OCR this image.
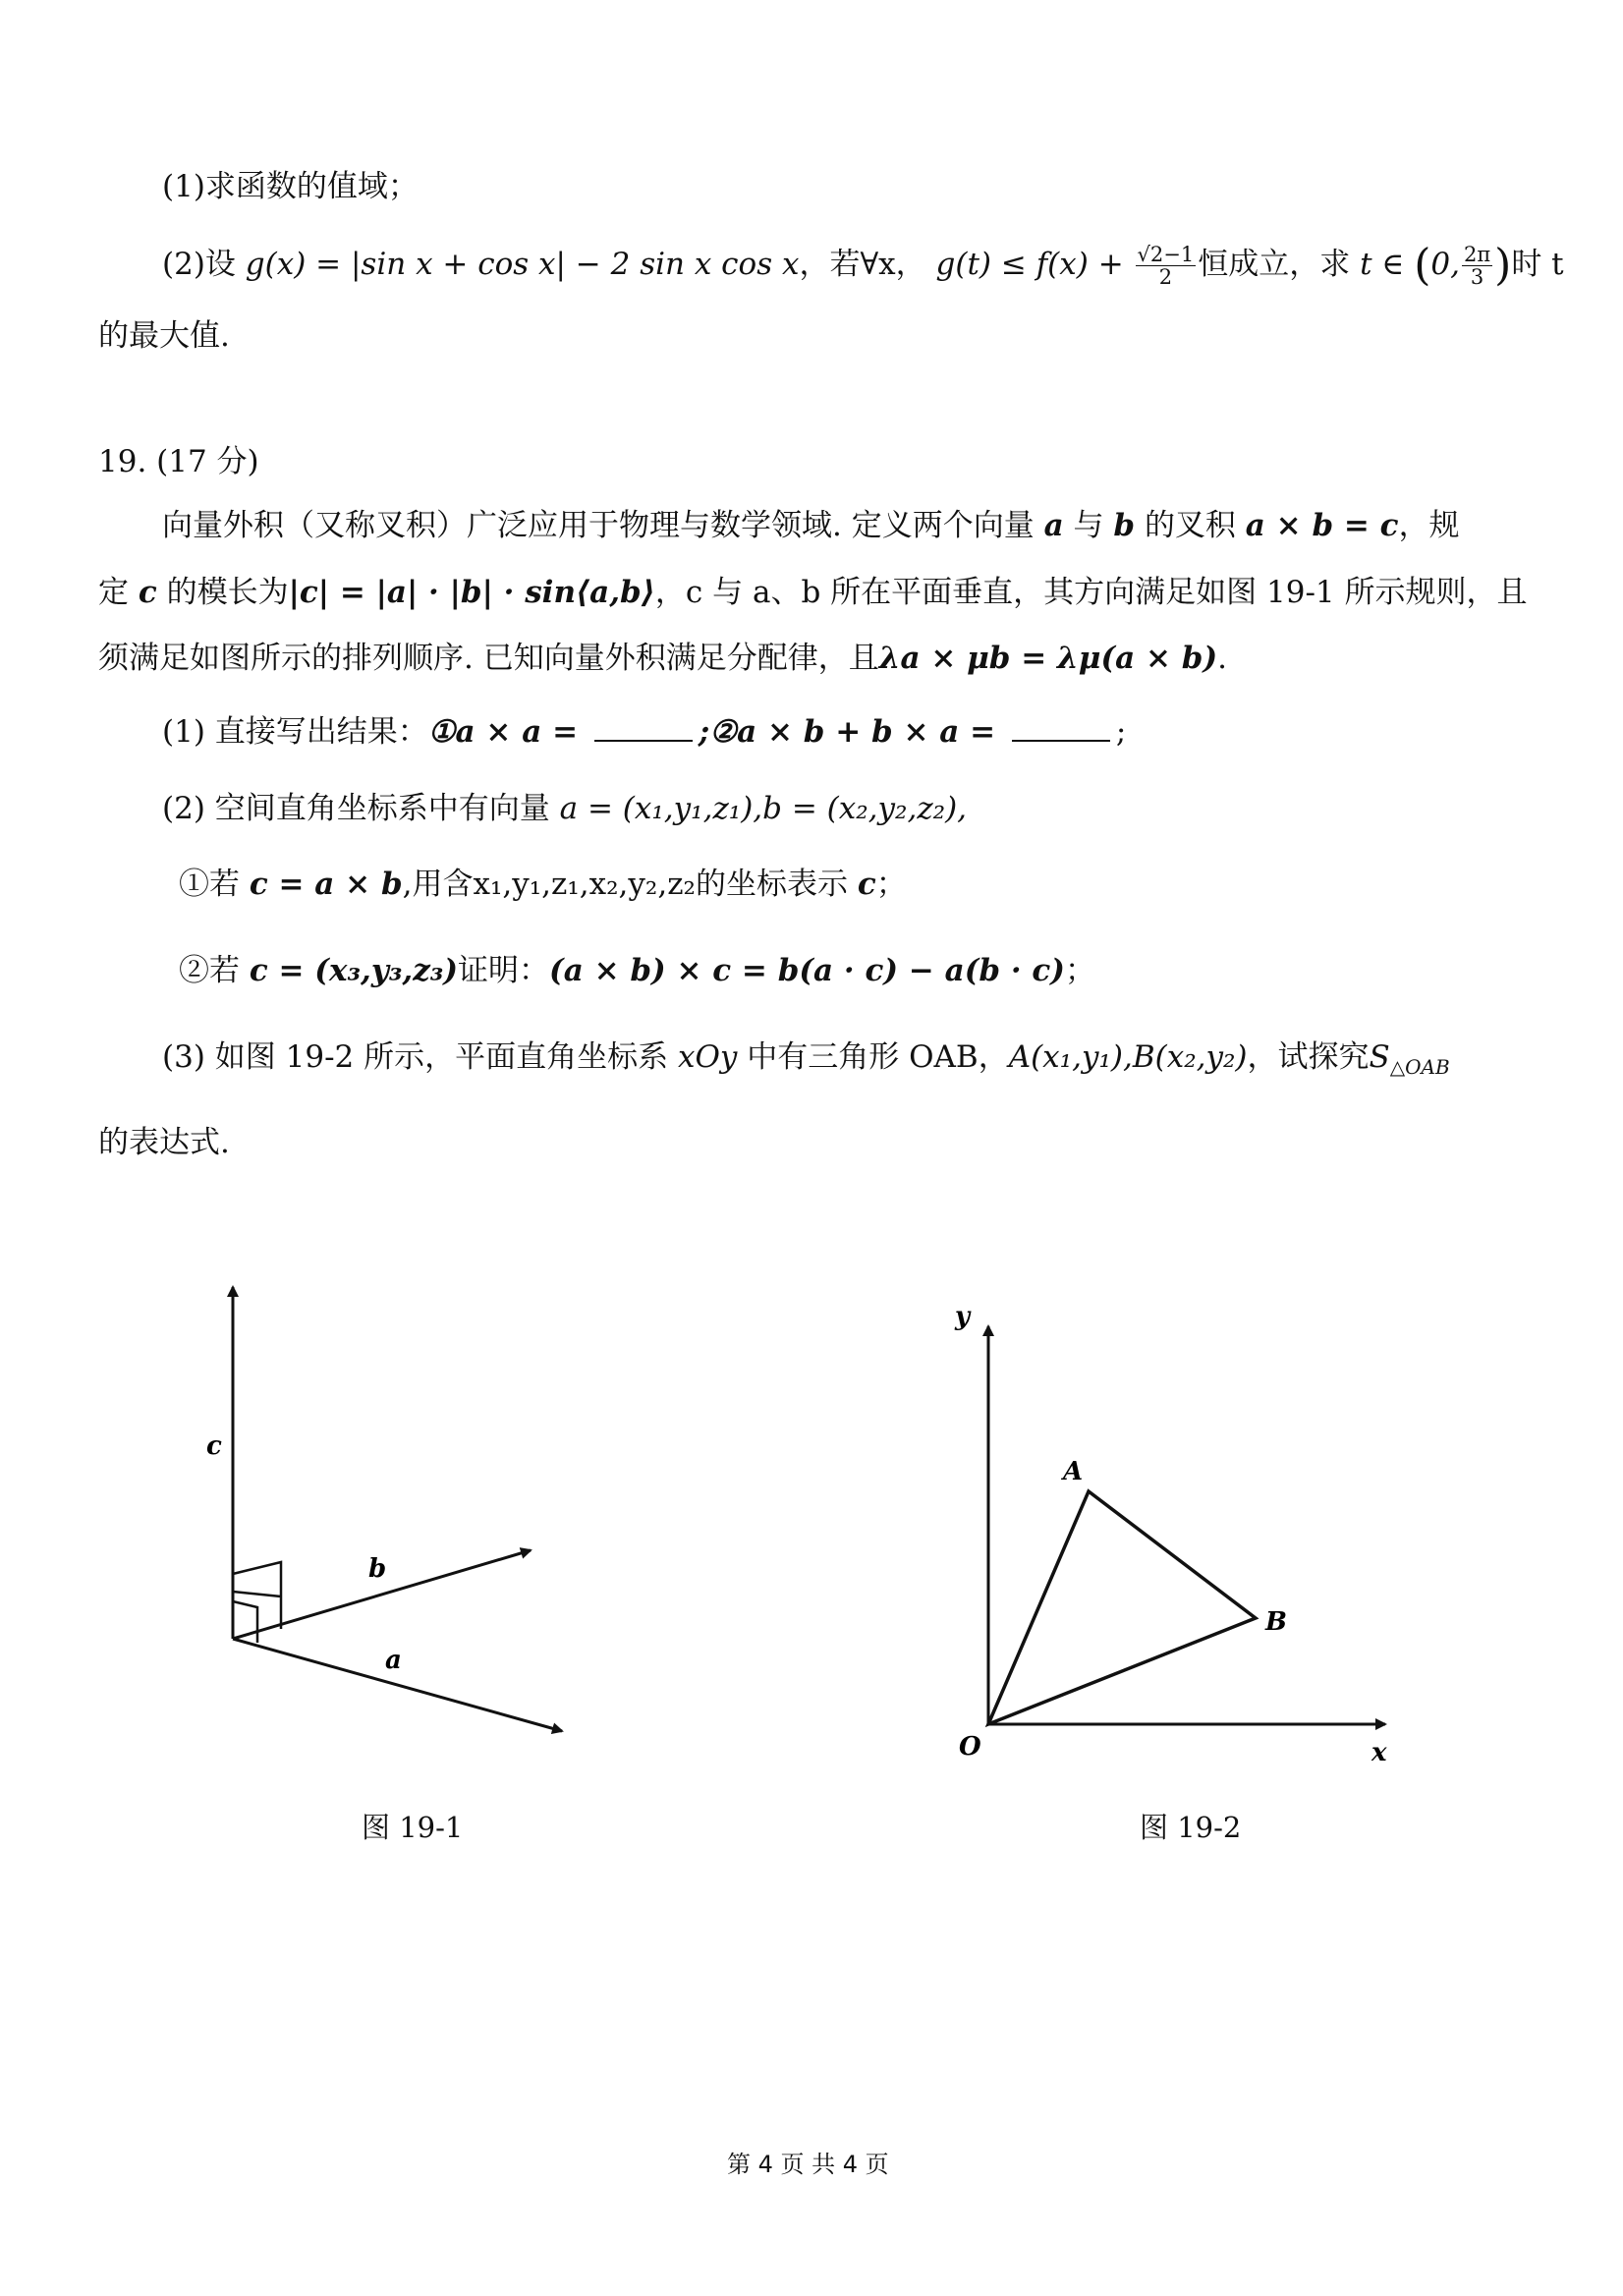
(1)求函数的值域；
(2)设 g(x) = |sin x + cos x| − 2 sin x cos x，若∀x， $g(t) \le f(x) + \frac{√2-1}{2}$ 恒成立，求 t ∈ (0, $\frac{2\pi}{3}$ )时 t
的最大值.
19. (17 分)
向量外积（又称叉积）广泛应用于物理与数学领域. 定义两个向量 a 与 b 的叉积 a × b = c，规
定 c 的模长为|c| = |a| · |b| · sin⟨a,b⟩，c 与 a、b 所在平面垂直，其方向满足如图 19-1 所示规则，且
须满足如图所示的排列顺序. 已知向量外积满足分配律，且λa × μb = λμ(a × b).
(1) 直接写出结果：①a × a =	;②a × b + b × a =	;
(2) 空间直角坐标系中有向量 a = (x₁,y₁,z₁),b = (x₂,y₂,z₂),
①若 c = a × b,用含x₁,y₁,z₁,x₂,y₂,z₂的坐标表示 c；
②若 c = (x₃,y₃,z₃)证明：(a × b) × c = b(a · c) − a(b · c)；
(3) 如图 19-2 所示，平面直角坐标系 xOy 中有三角形 OAB，A(x₁,y₁),B(x₂,y₂)，试探究$S_{\triangle OAB}$
的表达式.
c
b
a
图 19-1
y
x
O
A
B
图 19-2
第 4 页 共 4 页
